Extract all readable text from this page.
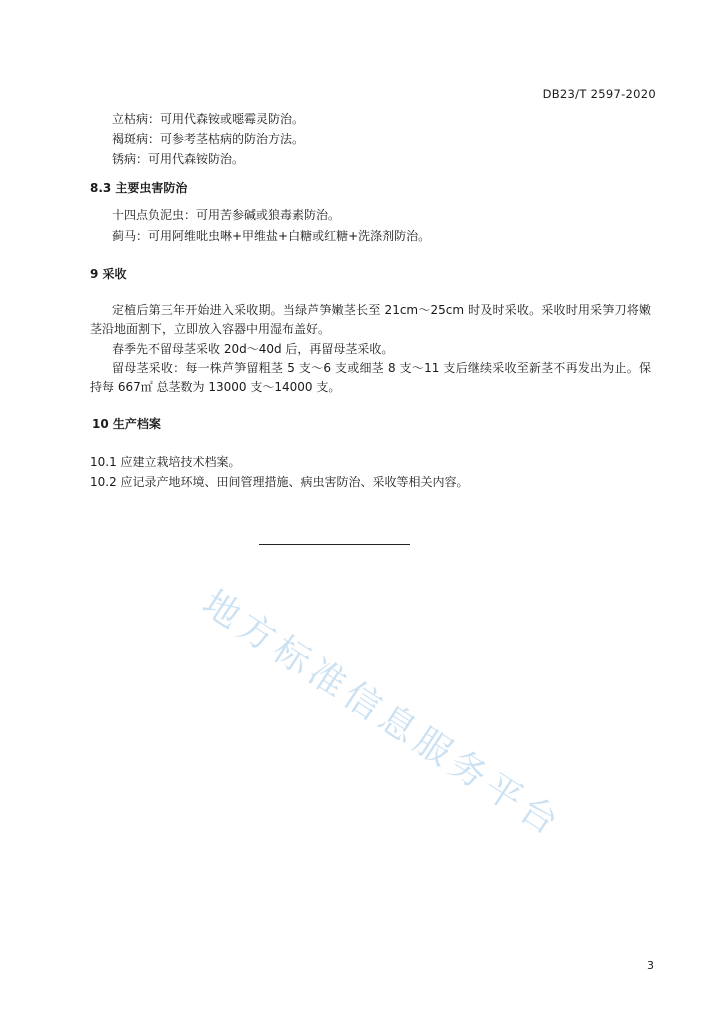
DB23/T 2597-2020
立枯病：可用代森铵或噁霉灵防治。
褐斑病：可参考茎枯病的防治方法。
锈病：可用代森铵防治。
8.3 主要虫害防治
十四点负泥虫：可用苦参碱或狼毒素防治。
蓟马：可用阿维吡虫啉+甲维盐+白糖或红糖+洗涤剂防治。
9 采收
定植后第三年开始进入采收期。当绿芦笋嫩茎长至 21cm～25cm 时及时采收。采收时用采笋刀将嫩
茎沿地面割下，立即放入容器中用湿布盖好。
春季先不留母茎采收 20d～40d 后，再留母茎采收。
留母茎采收：每一株芦笋留粗茎 5 支～6 支或细茎 8 支～11 支后继续采收至新茎不再发出为止。保
持每 667㎡ 总茎数为 13000 支～14000 支。
10 生产档案
10.1 应建立栽培技术档案。
10.2 应记录产地环境、田间管理措施、病虫害防治、采收等相关内容。
地方标准信息服务平台
3
